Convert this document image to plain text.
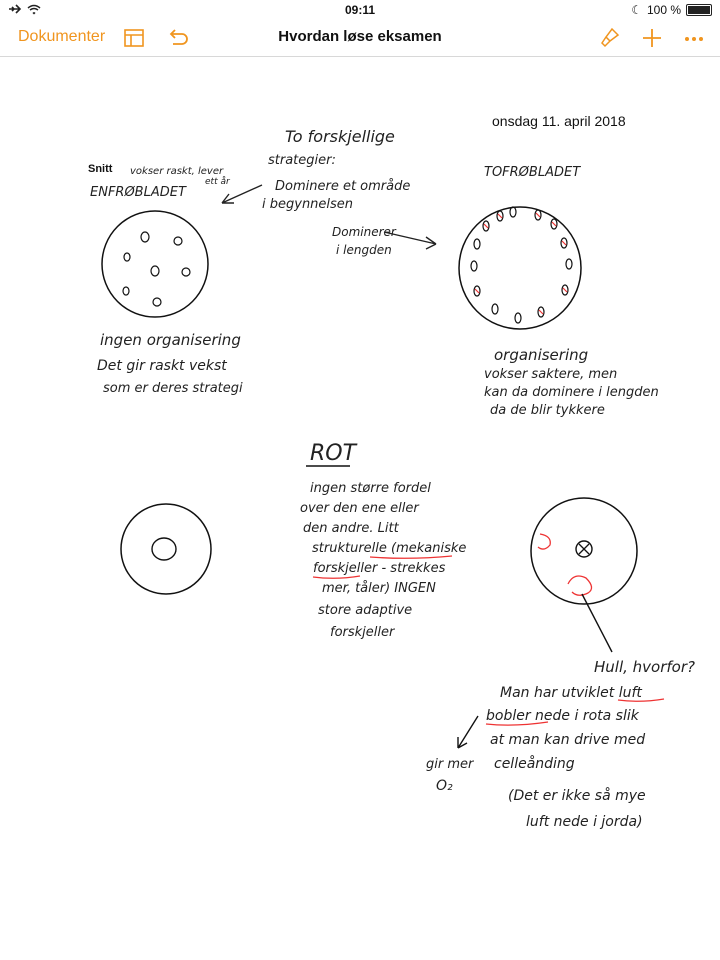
09:11	☾ 100 %
Dokumenter	Hvordan løse eksamen
onsdag 11. april 2018
Snitt
To forskjellige
strategier:
Dominere et område
i begynnelsen
Dominerer
i lengden
vokser raskt, lever
ett år
ENFRØBLADET
ingen organisering
Det gir raskt vekst
som er deres strategi
TOFRØBLADET
organisering
vokser saktere, men
kan da dominere i lengden
da de blir tykkere
ROT
ingen større fordel
over den ene eller
den andre. Litt
strukturelle (mekaniske
forskjeller - strekkes
mer, tåler) INGEN
store adaptive
forskjeller
Hull, hvorfor?
Man har utviklet luft
bobler nede i rota slik
at man kan drive med
celleånding
(Det er ikke så mye
luft nede i jorda)
gir mer
O₂
